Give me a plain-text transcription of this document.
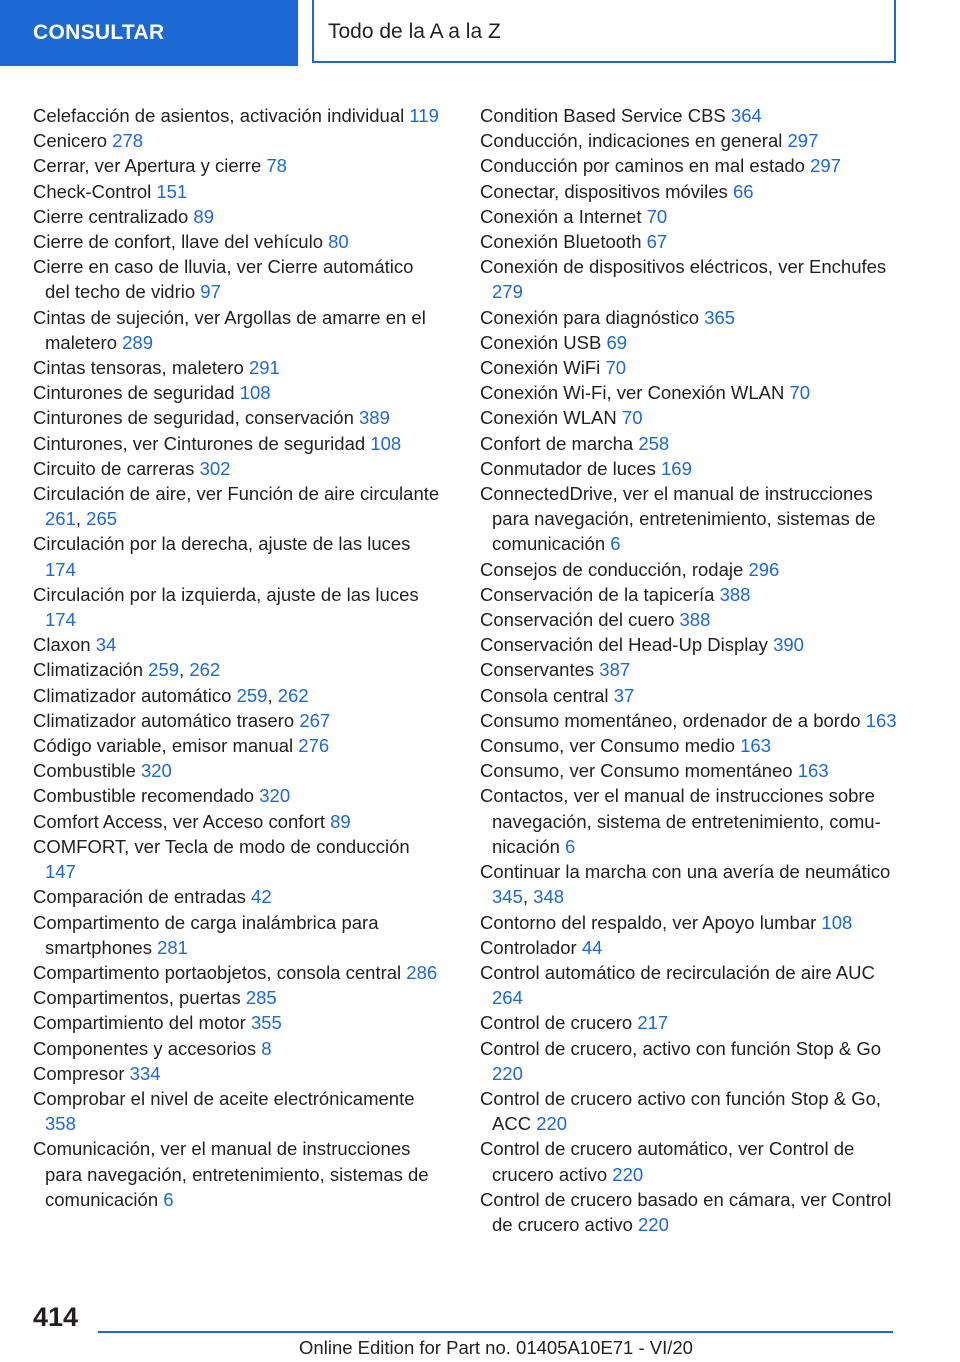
CONSULTAR	Todo de la A a la Z

Celefacción de asientos, activación individual 119

Cenicero 278

Cerrar, ver Apertura y cierre 78

Check-Control 151

Cierre centralizado 89

Cierre de confort, llave del vehículo 80

Cierre en caso de lluvia, ver Cierre automático del techo de vidrio 97

Cintas de sujeción, ver Argollas de amarre en el maletero 289

Cintas tensoras, maletero 291

Cinturones de seguridad 108

Cinturones de seguridad, conservación 389

Cinturones, ver Cinturones de seguridad 108

Circuito de carreras 302

Circulación de aire, ver Función de aire circulante 261, 265

Circulación por la derecha, ajuste de las luces 174

Circulación por la izquierda, ajuste de las luces 174

Claxon 34

Climatización 259, 262

Climatizador automático 259, 262

Climatizador automático trasero 267

Código variable, emisor manual 276

Combustible 320

Combustible recomendado 320

Comfort Access, ver Acceso confort 89

COMFORT, ver Tecla de modo de conducción 147

Comparación de entradas 42

Compartimento de carga inalámbrica para smartphones 281

Compartimento portaobjetos, consola central 286

Compartimentos, puertas 285

Compartimiento del motor 355

Componentes y accesorios 8

Compresor 334

Comprobar el nivel de aceite electrónicamente 358

Comunicación, ver el manual de instrucciones para navegación, entretenimiento, sistemas de comunicación 6

Condition Based Service CBS 364

Conducción, indicaciones en general 297

Conducción por caminos en mal estado 297

Conectar, dispositivos móviles 66

Conexión a Internet 70

Conexión Bluetooth 67

Conexión de dispositivos eléctricos, ver Enchufes 279

Conexión para diagnóstico 365

Conexión USB 69

Conexión WiFi 70

Conexión Wi-Fi, ver Conexión WLAN 70

Conexión WLAN 70

Confort de marcha 258

Conmutador de luces 169

ConnectedDrive, ver el manual de instrucciones para navegación, entretenimiento, sistemas de comunicación 6

Consejos de conducción, rodaje 296

Conservación de la tapicería 388

Conservación del cuero 388

Conservación del Head-Up Display 390

Conservantes 387

Consola central 37

Consumo momentáneo, ordenador de a bordo 163

Consumo, ver Consumo medio 163

Consumo, ver Consumo momentáneo 163

Contactos, ver el manual de instrucciones sobre navegación, sistema de entretenimiento, comunicación 6

Continuar la marcha con una avería de neumático 345, 348

Contorno del respaldo, ver Apoyo lumbar 108

Controlador 44

Control automático de recirculación de aire AUC 264

Control de crucero 217

Control de crucero, activo con función Stop & Go 220

Control de crucero activo con función Stop & Go, ACC 220

Control de crucero automático, ver Control de crucero activo 220

Control de crucero basado en cámara, ver Control de crucero activo 220

414
Online Edition for Part no. 01405A10E71 - VI/20
